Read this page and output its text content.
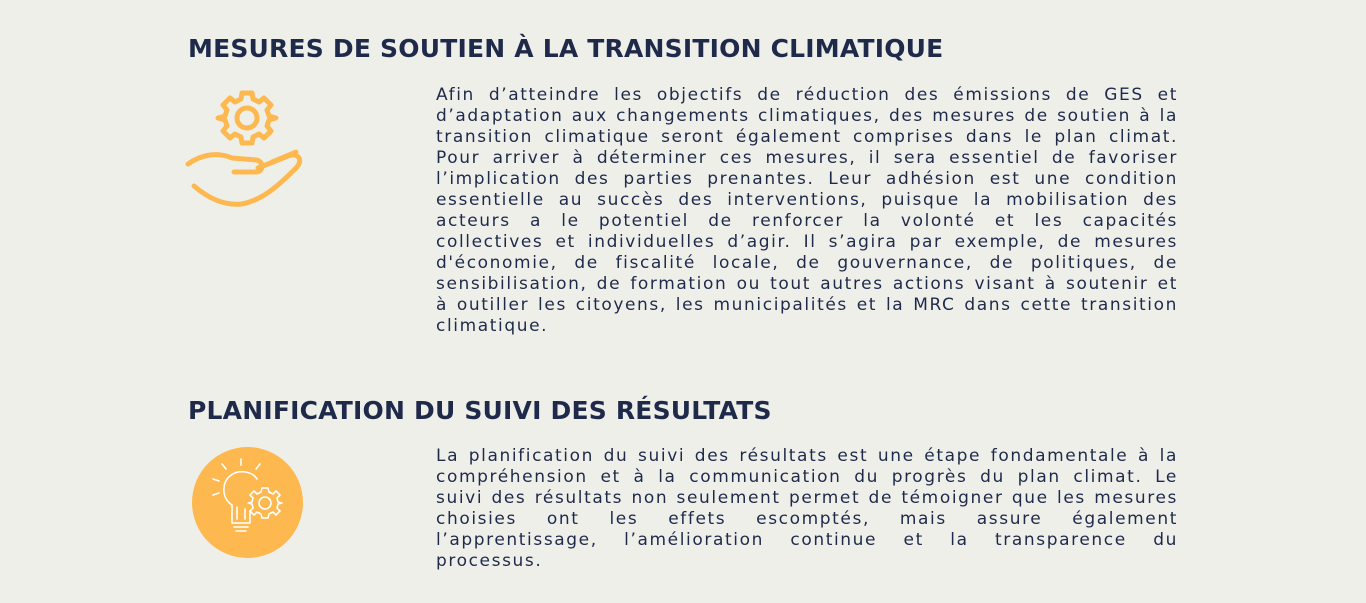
MESURES DE SOUTIEN À LA TRANSITION CLIMATIQUE

Afin d’atteindre les objectifs de réduction des émissions de GES et d’adaptation aux changements climatiques, des mesures de soutien à la transition climatique seront également comprises dans le plan climat. Pour arriver à déterminer ces mesures, il sera essentiel de favoriser l’implication des parties prenantes. Leur adhésion est une condition essentielle au succès des interventions, puisque la mobilisation des acteurs a le potentiel de renforcer la volonté et les capacités collectives et individuelles d’agir. Il s’agira par exemple, de mesures d'économie, de fiscalité locale, de gouvernance, de politiques, de sensibilisation, de formation ou tout autres actions visant à soutenir et à outiller les citoyens, les municipalités et la MRC dans cette transition climatique.

PLANIFICATION DU SUIVI DES RÉSULTATS

La planification du suivi des résultats est une étape fondamentale à la compréhension et à la communication du progrès du plan climat. Le suivi des résultats non seulement permet de témoigner que les mesures choisies ont les effets escomptés, mais assure également l’apprentissage, l’amélioration continue et la transparence du processus.
